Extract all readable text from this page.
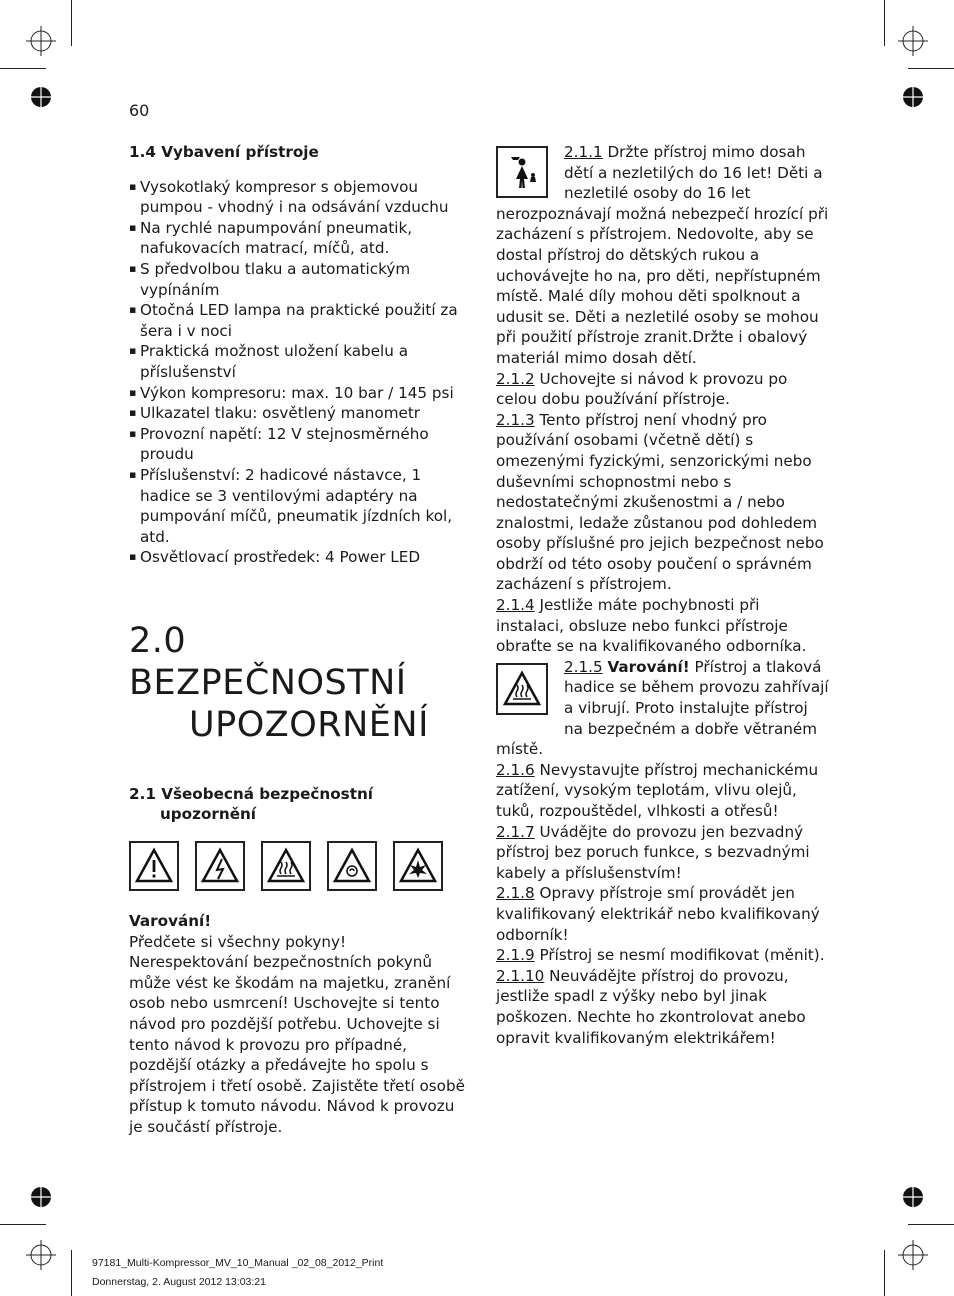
60

1.4 Vybavení přístroje

▪ Vysokotlaký kompresor s objemovou pumpou - vhodný i na odsávání vzduchu
▪ Na rychlé napumpování pneumatik, nafukovacích matrací, míčů, atd.
▪ S předvolbou tlaku a automatickým vypínáním
▪ Otočná LED lampa na praktické použití za šera i v noci
▪ Praktická možnost uložení kabelu a příslušenství
▪ Výkon kompresoru: max. 10 bar / 145 psi
▪ Ulkazatel tlaku: osvětlený manometr
▪ Provozní napětí: 12 V stejnosměrného proudu
▪ Příslušenství: 2 hadicové nástavce, 1 hadice se 3 ventilovými adaptéry na pumpování míčů, pneumatik jízdních kol, atd.
▪ Osvětlovací prostředek: 4 Power LED
2.0 BEZPEČNOSTNÍ
UPOZORNĚNÍ

2.1 Všeobecná bezpečnostní
upozornění

Varování!

Předčete si všechny pokyny! Nerespektování bezpečnostních pokynů může vést ke škodám na majetku, zranění osob nebo usmrcení! Uschovejte si tento návod pro pozdější potřebu. Uchovejte si tento návod k provozu pro případné, pozdější otázky a předávejte ho spolu s přístrojem i třetí osobě. Zajistěte třetí osobě přístup k tomuto návodu. Návod k provozu je součástí přístroje.

2.1.1 Držte přístroj mimo dosah dětí a nezletilých do 16 let! Děti a nezletilé osoby do 16 let nerozpoznávají možná nebezpečí hrozící při zacházení s přístrojem. Nedovolte, aby se dostal přístroj do dětských rukou a uchovávejte ho na, pro děti, nepřístupném místě. Malé díly mohou děti spolknout a udusit se. Děti a nezletilé osoby se mohou při použití přístroje zranit.Držte i obalový materiál mimo dosah dětí.

2.1.2 Uchovejte si návod k provozu po celou dobu používání přístroje.

2.1.3 Tento přístroj není vhodný pro používání osobami (včetně dětí) s omezenými fyzickými, senzorickými nebo duševními schopnostmi nebo s nedostatečnými zkušenostmi a / nebo znalostmi, ledaže zůstanou pod dohledem osoby příslušné pro jejich bezpečnost nebo obdrží od této osoby poučení o správném zacházení s přístrojem.

2.1.4 Jestliže máte pochybnosti při instalaci, obsluze nebo funkci přístroje obraťte se na kvalifikovaného odborníka.

2.1.5 Varování! Přístroj a tlaková hadice se během provozu zahřívají a vibrují. Proto instalujte přístroj na bezpečném a dobře větraném místě.

2.1.6 Nevystavujte přístroj mechanickému zatížení, vysokým teplotám, vlivu olejů, tuků, rozpouštědel, vlhkosti a otřesů!

2.1.7 Uvádějte do provozu jen bezvadný přístroj bez poruch funkce, s bezvadnými kabely a příslušenstvím!

2.1.8 Opravy přístroje smí provádět jen kvalifikovaný elektrikář nebo kvalifikovaný odborník!

2.1.9 Přístroj se nesmí modifikovat (měnit).

2.1.10 Neuvádějte přístroj do provozu, jestliže spadl z výšky nebo byl jinak poškozen. Nechte ho zkontrolovat anebo opravit kvalifikovaným elektrikářem!

97181_Multi-Kompressor_MV_10_Manual _02_08_2012_Print
Donnerstag, 2. August 2012 13:03:21
